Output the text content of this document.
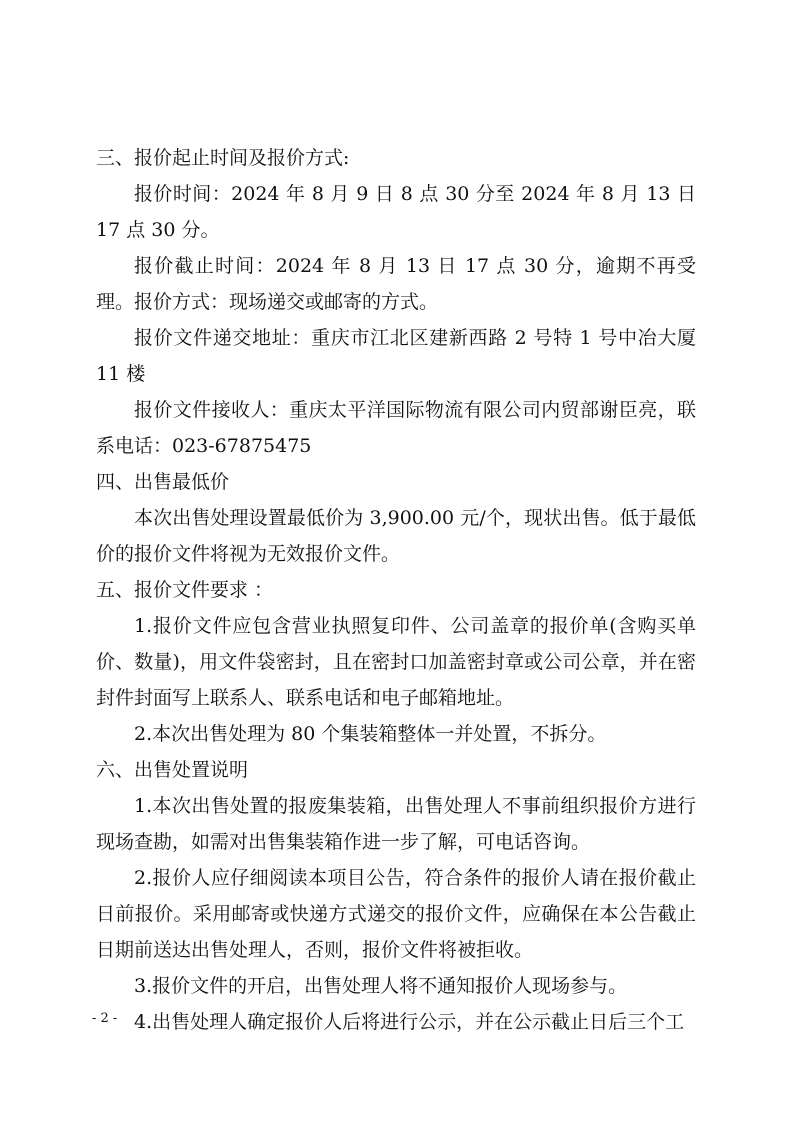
三、报价起止时间及报价方式:

报价时间：2024 年 8 月 9 日 8 点 30 分至 2024 年 8 月 13 日 17 点 30 分。

报价截止时间：2024 年 8 月 13 日 17 点 30 分，逾期不再受理。 报价方式：现场递交或邮寄的方式。

报价文件递交地址：重庆市江北区建新西路 2 号特 1 号中冶大厦 11 楼

报价文件接收人：重庆太平洋国际物流有限公司内贸部谢臣亮，联系电话：023-67875475

四、出售最低价

本次出售处理设置最低价为 3,900.00 元/个，现状出售。低于最低价的报价文件将视为无效报价文件。

五、报价文件要求 ：

1.报价文件应包含营业执照复印件、公司盖章的报价单(含购买单价、数量)，用文件袋密封，且在密封口加盖密封章或公司公章，并在密封件封面写上联系人、联系电话和电子邮箱地址。

2.本次出售处理为 80 个集装箱整体一并处置，不拆分。

六、出售处置说明

1.本次出售处置的报废集装箱，出售处理人不事前组织报价方进行现场查勘，如需对出售集装箱作进一步了解，可电话咨询。

2.报价人应仔细阅读本项目公告，符合条件的报价人请在报价截止日前报价。采用邮寄或快递方式递交的报价文件，应确保在本公告截止日期前送达出售处理人，否则，报价文件将被拒收。

3.报价文件的开启，出售处理人将不通知报价人现场参与。

4.出售处理人确定报价人后将进行公示，并在公示截止日后三个工

- 2 -
